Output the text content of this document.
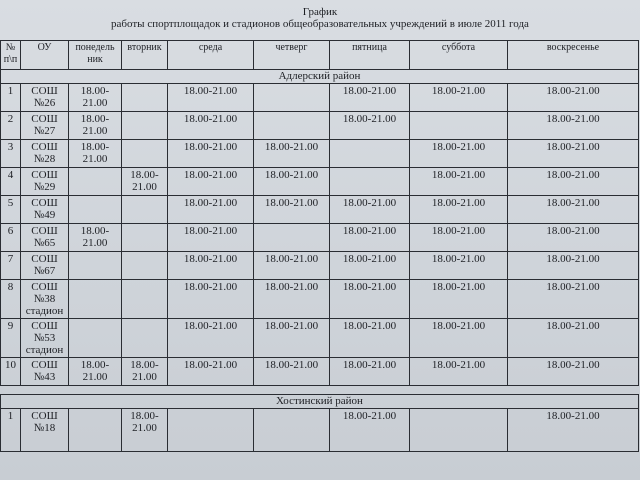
График
работы спортплощадок и стадионов общеобразовательных учреждений в июле 2011 года
№ п\п	ОУ	понедель ник	вторник	среда	четверг	пятница	суббота	воскресенье
Адлерский район								
1	СОШ №26	18.00-21.00		18.00-21.00		18.00-21.00	18.00-21.00	18.00-21.00
2	СОШ №27	18.00-21.00		18.00-21.00		18.00-21.00		18.00-21.00
3	СОШ №28	18.00-21.00		18.00-21.00	18.00-21.00		18.00-21.00	18.00-21.00
4	СОШ №29		18.00-21.00	18.00-21.00	18.00-21.00		18.00-21.00	18.00-21.00
5	СОШ №49			18.00-21.00	18.00-21.00	18.00-21.00	18.00-21.00	18.00-21.00
6	СОШ №65	18.00-21.00		18.00-21.00		18.00-21.00	18.00-21.00	18.00-21.00
7	СОШ №67			18.00-21.00	18.00-21.00	18.00-21.00	18.00-21.00	18.00-21.00
8	СОШ №38 стадион			18.00-21.00	18.00-21.00	18.00-21.00	18.00-21.00	18.00-21.00
9	СОШ №53 стадион			18.00-21.00	18.00-21.00	18.00-21.00	18.00-21.00	18.00-21.00
10	СОШ №43	18.00-21.00	18.00-21.00	18.00-21.00	18.00-21.00	18.00-21.00	18.00-21.00	18.00-21.00

Хостинский район								
1	СОШ №18		18.00-21.00			18.00-21.00		18.00-21.00
